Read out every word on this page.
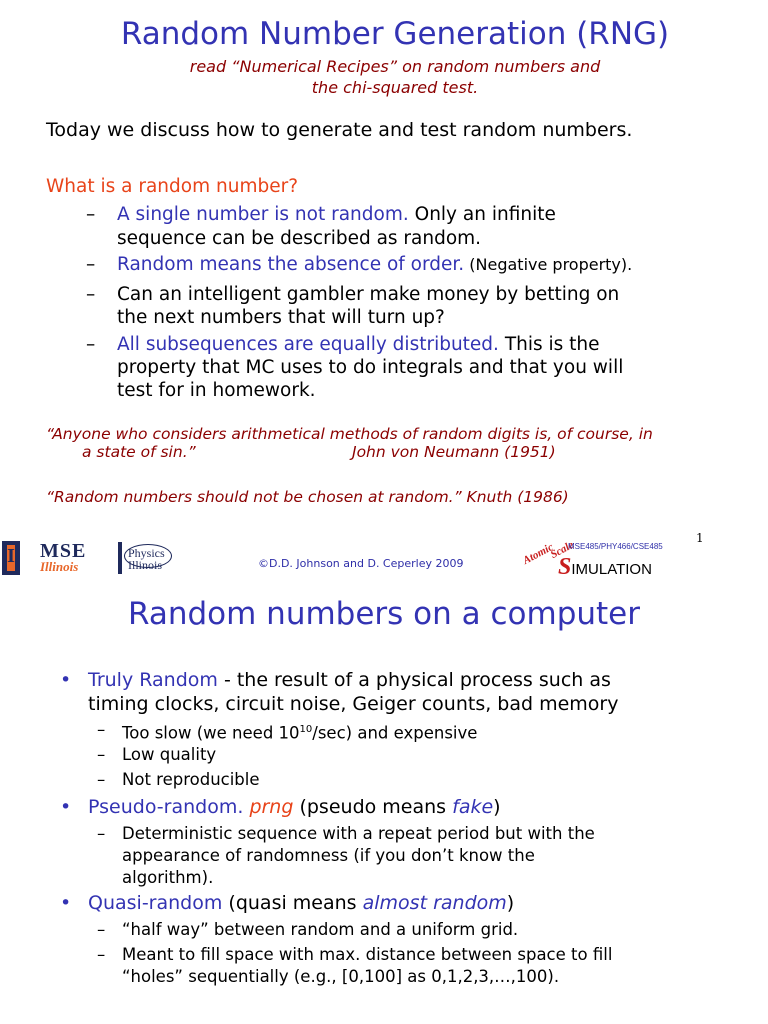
Random Number Generation (RNG)
read “Numerical Recipes” on random numbers and
the chi-squared test.
Today we discuss how to generate and test random numbers.
What is a random number?
– A single number is not random. Only an infinite
sequence can be described as random.
– Random means the absence of order. (Negative property).
– Can an intelligent gambler make money by betting on
the next numbers that will turn up?
– All subsequences are equally distributed. This is the
property that MC uses to do integrals and that you will
test for in homework.
“Anyone who considers arithmetical methods of random digits is, of course, in
a state of sin.”	John von Neumann (1951)
“Random numbers should not be chosen at random.” Knuth (1986)
1
I MSE
Illinois
Physics
Illinois	©D.D. Johnson and D. Ceperley 2009	Atomic
Scale
MSE485/PHY466/CSE485
SIMULATION
Random numbers on a computer
• Truly Random - the result of a physical process such as
timing clocks, circuit noise, Geiger counts, bad memory
– Too slow (we need $10^{10}/\sec$) and expensive
– Low quality
– Not reproducible
• Pseudo-random. prng (pseudo means fake)
– Deterministic sequence with a repeat period but with the
appearance of randomness (if you don’t know the
algorithm).
• Quasi-random (quasi means almost random)
– “half way” between random and a uniform grid.
– Meant to fill space with max. distance between space to fill
“holes” sequentially (e.g., [0,100] as 0,1,2,3,…,100).
